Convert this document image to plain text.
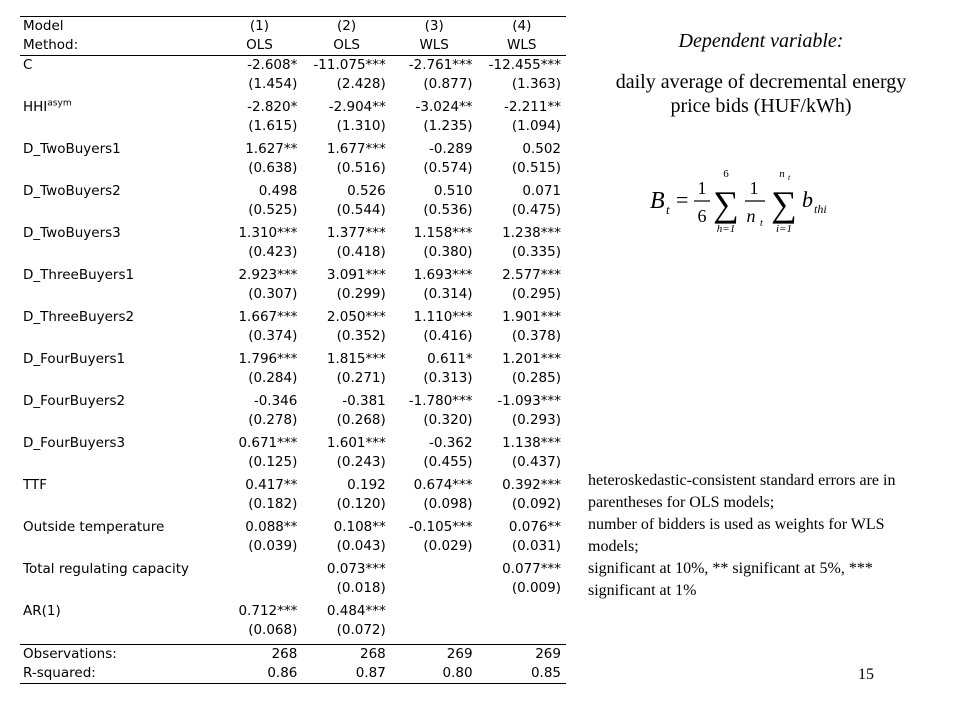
Model	(1)	(2)	(3)	(4)
Method:	OLS	OLS	WLS	WLS
C	-2.608*	-11.075***	-2.761***	-12.455***
	(1.454)	(2.428)	(0.877)	(1.363)

$HHI^{asym}$	-2.820*	-2.904**	-3.024**	-2.211**
	(1.615)	(1.310)	(1.235)	(1.094)

D_TwoBuyers1	1.627**	1.677***	-0.289	0.502
	(0.638)	(0.516)	(0.574)	(0.515)

D_TwoBuyers2	0.498	0.526	0.510	0.071
	(0.525)	(0.544)	(0.536)	(0.475)

D_TwoBuyers3	1.310***	1.377***	1.158***	1.238***
	(0.423)	(0.418)	(0.380)	(0.335)

D_ThreeBuyers1	2.923***	3.091***	1.693***	2.577***
	(0.307)	(0.299)	(0.314)	(0.295)

D_ThreeBuyers2	1.667***	2.050***	1.110***	1.901***
	(0.374)	(0.352)	(0.416)	(0.378)

D_FourBuyers1	1.796***	1.815***	0.611*	1.201***
	(0.284)	(0.271)	(0.313)	(0.285)

D_FourBuyers2	-0.346	-0.381	-1.780***	-1.093***
	(0.278)	(0.268)	(0.320)	(0.293)

D_FourBuyers3	0.671***	1.601***	-0.362	1.138***
	(0.125)	(0.243)	(0.455)	(0.437)

TTF	0.417**	0.192	0.674***	0.392***
	(0.182)	(0.120)	(0.098)	(0.092)

Outside temperature	0.088**	0.108**	-0.105***	0.076**
	(0.039)	(0.043)	(0.029)	(0.031)

Total regulating capacity		0.073***		0.077***
		(0.018)		(0.009)

AR(1)	0.712***	0.484***		
	(0.068)	(0.072)		

Observations:	268	268	269	269
R-squared:	0.86	0.87	0.80	0.85
Dependent variable:
daily average of decremental energy price bids (HUF/kWh)
B t = 1
6
6
∑
h=1
1
n t
n t
∑
i=1
b thi

heteroskedastic-consistent standard errors are in parentheses for OLS models;

number of bidders is used as weights for WLS models;

significant at 10%, ** significant at 5%, *** significant at 1%

15
